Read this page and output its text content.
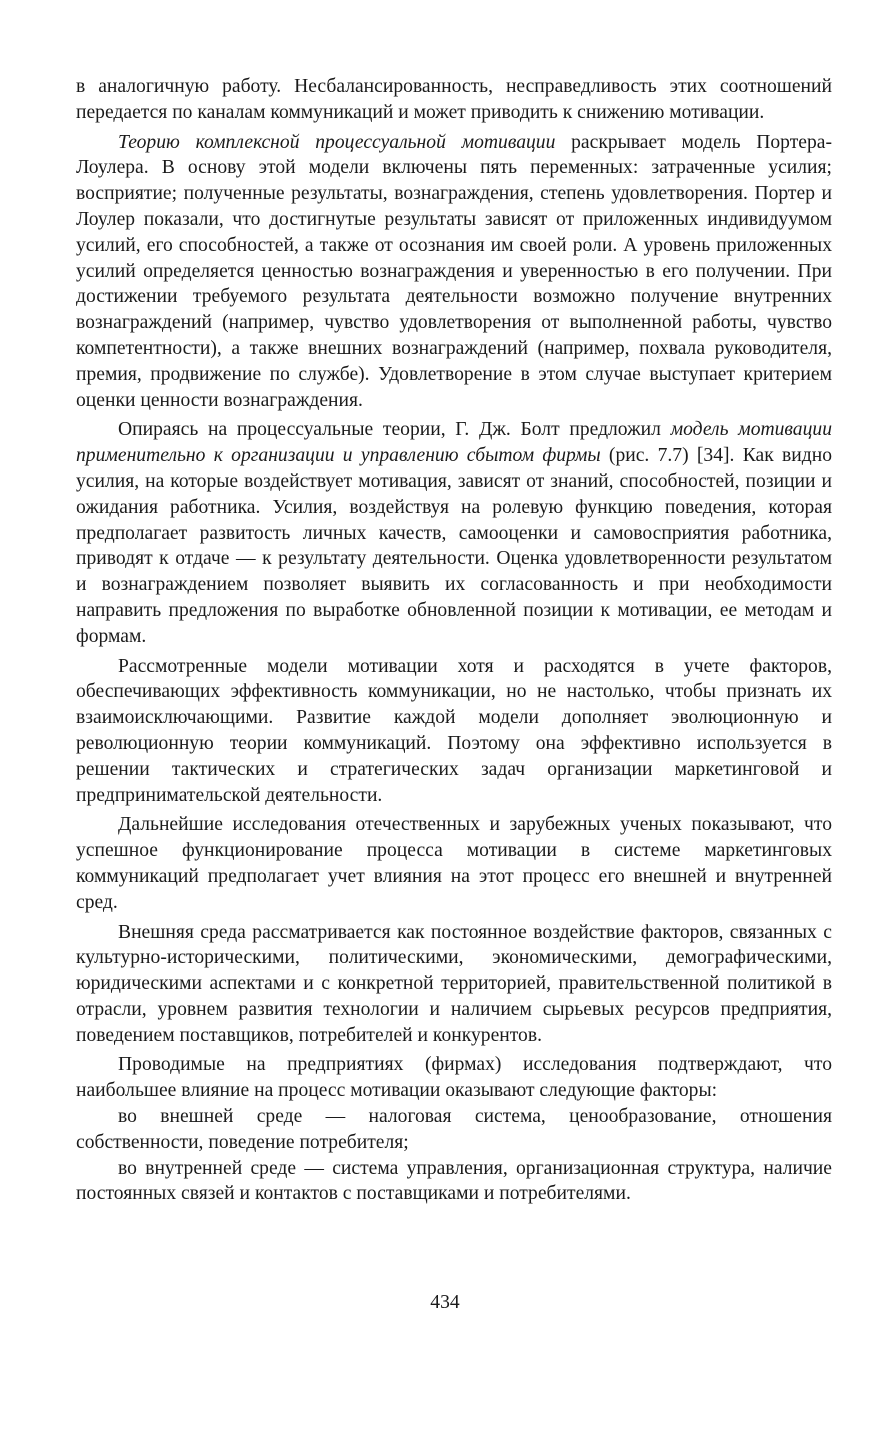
в аналогичную работу. Несбалансированность, несправедливость этих соотношений передается по каналам коммуникаций и может приводить к снижению мотивации.

Теорию комплексной процессуальной мотивации раскрывает модель Портера-Лоулера. В основу этой модели включены пять переменных: затраченные усилия; восприятие; полученные результаты, вознаграждения, степень удовлетворения. Портер и Лоулер показали, что достигнутые результаты зависят от приложенных индивидуумом усилий, его способностей, а также от осознания им своей роли. А уровень приложенных усилий определяется ценностью вознаграждения и уверенностью в его получении. При достижении требуемого результата деятельности возможно получение внутренних вознаграждений (например, чувство удовлетворения от выполненной работы, чувство компетентности), а также внешних вознаграждений (например, похвала руководителя, премия, продвижение по службе). Удовлетворение в этом случае выступает критерием оценки ценности вознаграждения.

Опираясь на процессуальные теории, Г. Дж. Болт предложил модель мотивации применительно к организации и управлению сбытом фирмы (рис. 7.7) [34]. Как видно усилия, на которые воздействует мотивация, зависят от знаний, способностей, позиции и ожидания работника. Усилия, воздействуя на ролевую функцию поведения, которая предполагает развитость личных качеств, самооценки и самовосприятия работника, приводят к отдаче — к результату деятельности. Оценка удовлетворенности результатом и вознаграждением позволяет выявить их согласованность и при необходимости направить предложения по выработке обновленной позиции к мотивации, ее методам и формам.

Рассмотренные модели мотивации хотя и расходятся в учете факторов, обеспечивающих эффективность коммуникации, но не настолько, чтобы признать их взаимоисключающими. Развитие каждой модели дополняет эволюционную и революционную теории коммуникаций. Поэтому она эффективно используется в решении тактических и стратегических задач организации маркетинговой и предпринимательской деятельности.

Дальнейшие исследования отечественных и зарубежных ученых показывают, что успешное функционирование процесса мотивации в системе маркетинговых коммуникаций предполагает учет влияния на этот процесс его внешней и внутренней сред.

Внешняя среда рассматривается как постоянное воздействие факторов, связанных с культурно-историческими, политическими, экономическими, демографическими, юридическими аспектами и с конкретной территорией, правительственной политикой в отрасли, уровнем развития технологии и наличием сырьевых ресурсов предприятия, поведением поставщиков, потребителей и конкурентов.

Проводимые на предприятиях (фирмах) исследования подтверждают, что наибольшее влияние на процесс мотивации оказывают следующие факторы:

во внешней среде — налоговая система, ценообразование, отношения собственности, поведение потребителя;

во внутренней среде — система управления, организационная структура, наличие постоянных связей и контактов с поставщиками и потребителями.

434
